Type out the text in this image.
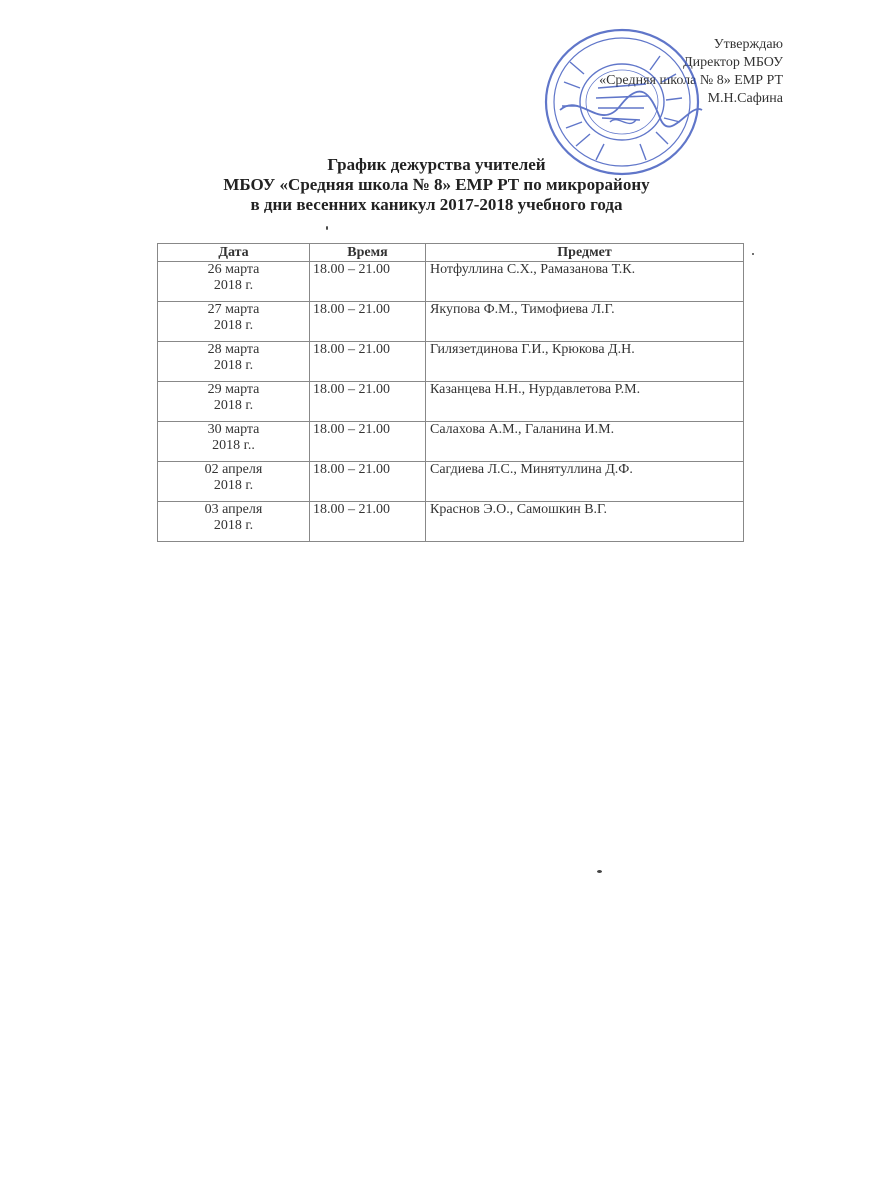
Утверждаю
Директор МБОУ
«Средняя школа № 8» ЕМР РТ
М.Н.Сафина
График дежурства учителей
МБОУ «Средняя школа № 8» ЕМР РТ по микрорайону
в дни весенних каникул 2017-2018 учебного года
Дата	Время	Предмет

26 марта
2018 г.	18.00 – 21.00	Нотфуллина С.Х., Рамазанова Т.К.

27 марта
2018 г.	18.00 – 21.00	Якупова Ф.М., Тимофиева Л.Г.

28 марта
2018 г.	18.00 – 21.00	Гилязетдинова Г.И., Крюкова Д.Н.

29 марта
2018 г.	18.00 – 21.00	Казанцева Н.Н., Нурдавлетова Р.М.

30 марта
2018 г..	18.00 – 21.00	Салахова А.М., Галанина И.М.

02 апреля
2018 г.	18.00 – 21.00	Сагдиева Л.С., Минятуллина Д.Ф.

03 апреля
2018 г.	18.00 – 21.00	Краснов Э.О., Самошкин В.Г.
